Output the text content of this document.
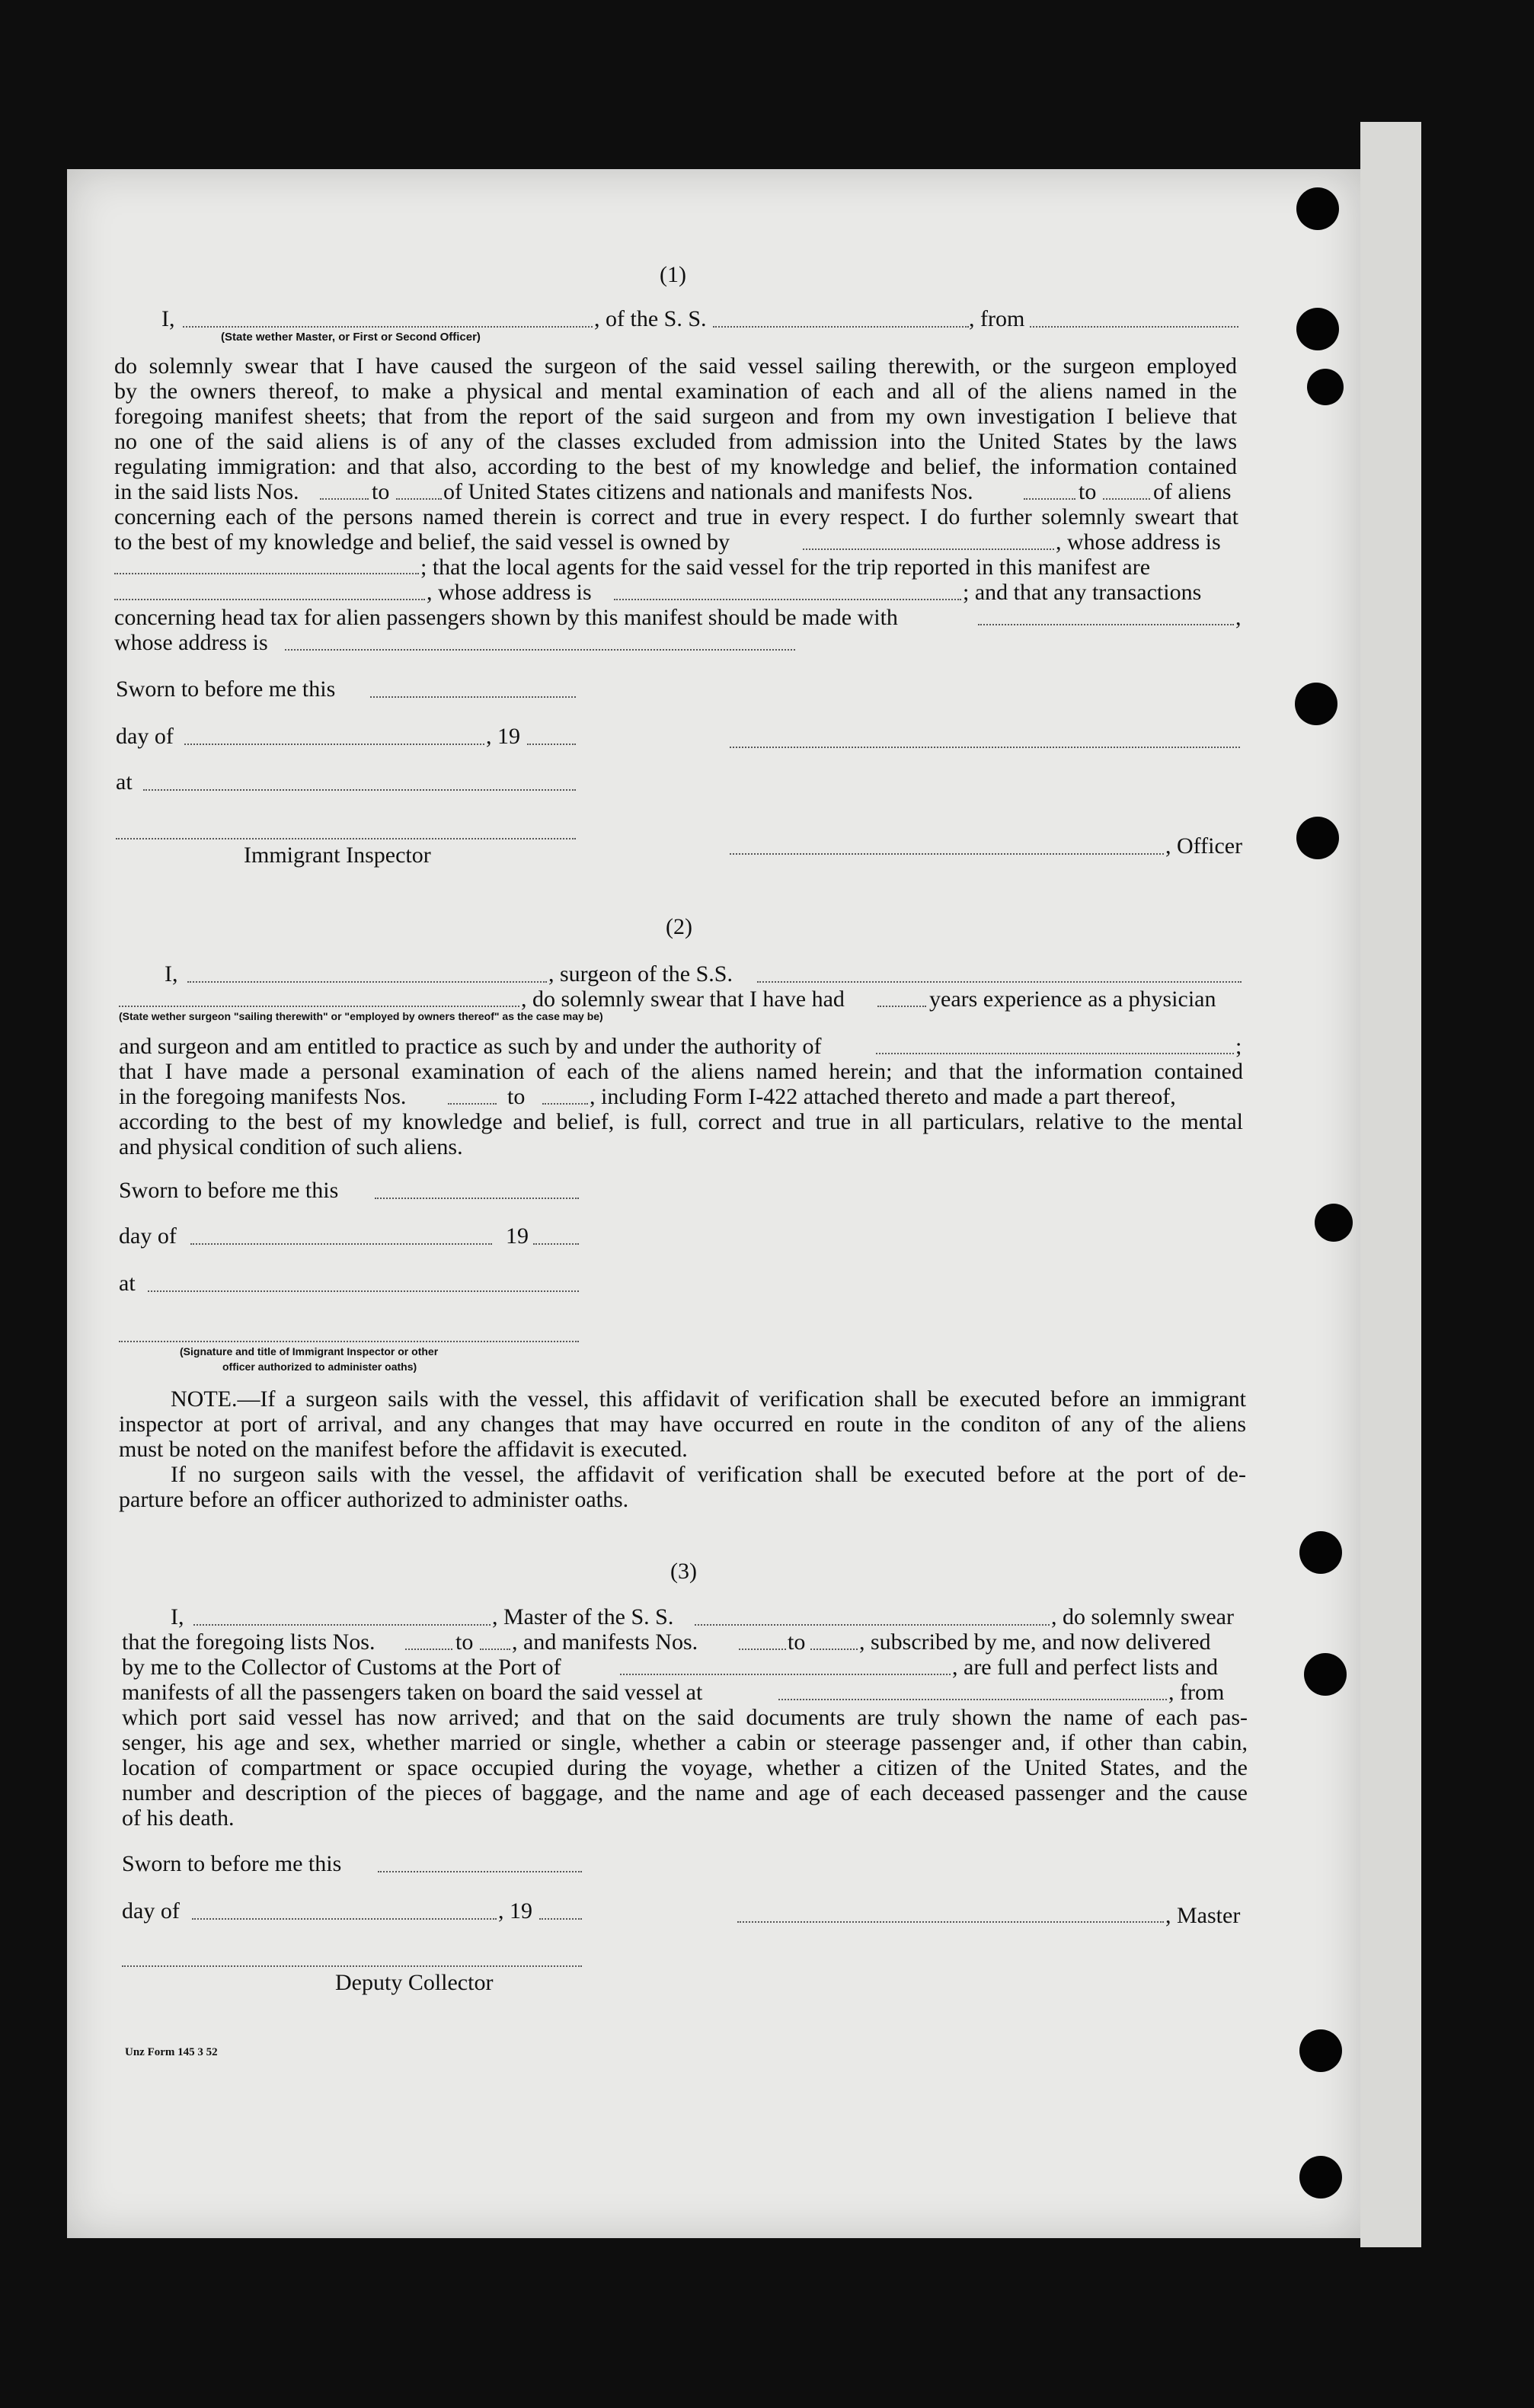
(1)
I,
(State wether Master, or First or Second Officer)
, of the S. S.	, from
do solemnly swear that I have caused the surgeon of the said vessel sailing therewith, or the surgeon employed
by the owners thereof, to make a physical and mental examination of each and all of the aliens named in the
foregoing manifest sheets; that from the report of the said surgeon and from my own investigation I believe that
no one of the said aliens is of any of the classes excluded from admission into the United States by the laws
regulating immigration: and that also, according to the best of my knowledge and belief, the information contained
in the said lists Nos.	to of United States citizens and nationals and manifests Nos.	to of aliens
concerning each of the persons named therein is correct and true in every respect. I do further solemnly sweart that
to the best of my knowledge and belief, the said vessel is owned by	, whose address is
; that the local agents for the said vessel for the trip reported in this manifest are
, whose address is	; and that any transactions
concerning head tax for alien passengers shown by this manifest should be made with	,
whose address is
Sworn to before me this
day of	, 19
at
Immigrant Inspector	, Officer
(2)
I,	, surgeon of the S.S.
, do solemnly swear that I have had	years experience as a physician
(State wether surgeon "sailing therewith" or "employed by owners thereof" as the case may be)
and surgeon and am entitled to practice as such by and under the authority of	;
that I have made a personal examination of each of the aliens named herein; and that the information contained
in the foregoing manifests Nos.	to	, including Form I-422 attached thereto and made a part thereof,
according to the best of my knowledge and belief, is full, correct and true in all particulars, relative to the mental
and physical condition of such aliens.
Sworn to before me this
day of	19
at
(Signature and title of Immigrant Inspector or other
officer authorized to administer oaths)
NOTE.—If a surgeon sails with the vessel, this affidavit of verification shall be executed before an immigrant
inspector at port of arrival, and any changes that may have occurred en route in the conditon of any of the aliens
must be noted on the manifest before the affidavit is executed.
If no surgeon sails with the vessel, the affidavit of verification shall be executed before at the port of de-
parture before an officer authorized to administer oaths.
(3)
I,	, Master of the S. S.	, do solemnly swear
that the foregoing lists Nos.	to , and manifests Nos.	to , subscribed by me, and now delivered
by me to the Collector of Customs at the Port of	, are full and perfect lists and
manifests of all the passengers taken on board the said vessel at	, from
which port said vessel has now arrived; and that on the said documents are truly shown the name of each pas-
senger, his age and sex, whether married or single, whether a cabin or steerage passenger and, if other than cabin,
location of compartment or space occupied during the voyage, whether a citizen of the United States, and the
number and description of the pieces of baggage, and the name and age of each deceased passenger and the cause
of his death.
Sworn to before me this
day of	, 19	, Master
Deputy Collector
Unz Form 145 3 52
